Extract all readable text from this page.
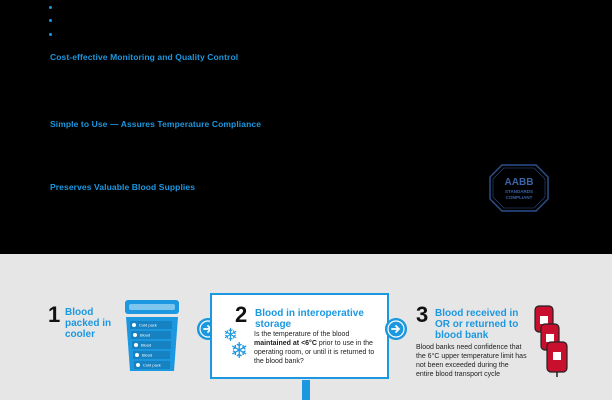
Cost-effective Monitoring and Quality Control
Simple to Use — Assures Temperature Compliance
Preserves Valuable Blood Supplies	AABB
STANDARDS
COMPLIANT
1 Blood packed in cooler
Cold pack
Blood
Blood
Blood
Cold pack
2 Blood in interoperative storage
❄
❄
Is the temperature of the blood maintained at <6°C prior to use in the operating room, or until it is returned to the blood bank?
3 Blood received in OR or returned to blood bank
Blood banks need confidence that the 6°C upper temperature limit has not been exceeded during the entire blood transport cycle
